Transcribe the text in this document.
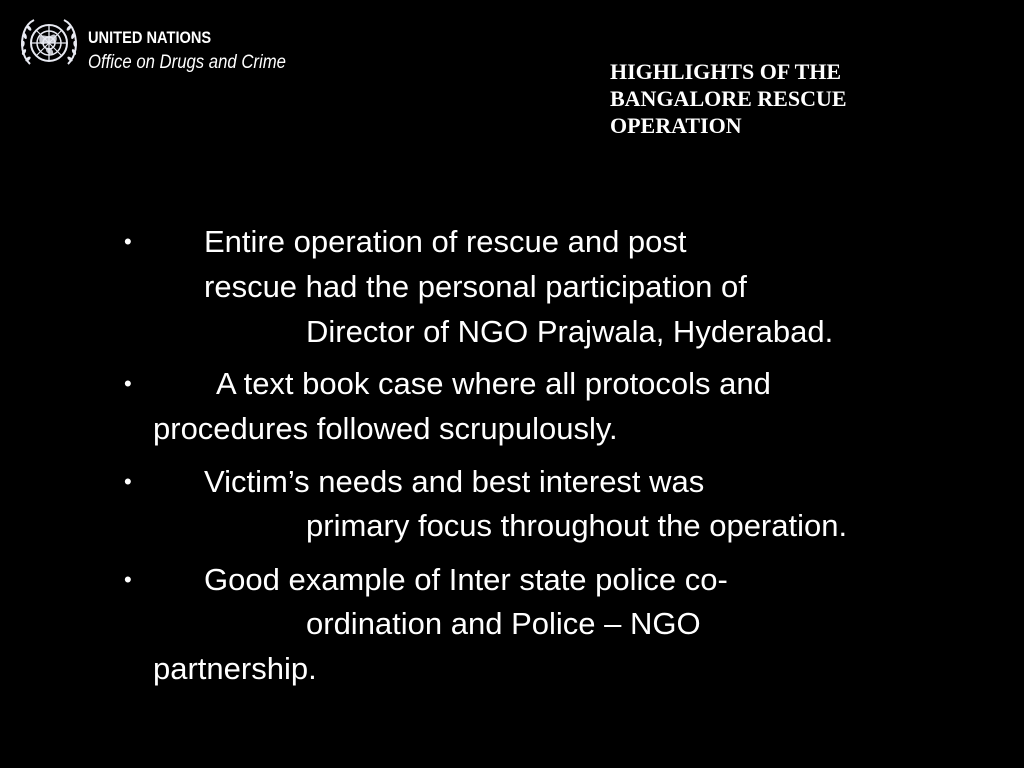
UNITED NATIONS
Office on Drugs and Crime	HIGHLIGHTS OF THE
BANGALORE RESCUE
OPERATION
• Entire operation of rescue and post
rescue had the personal participation of
Director of NGO Prajwala, Hyderabad.
•	A text book case where all protocols and
procedures followed scrupulously.
• Victim’s needs and best interest was
primary focus throughout the operation.
• Good example of Inter state police co-
ordination and Police – NGO
partnership.
